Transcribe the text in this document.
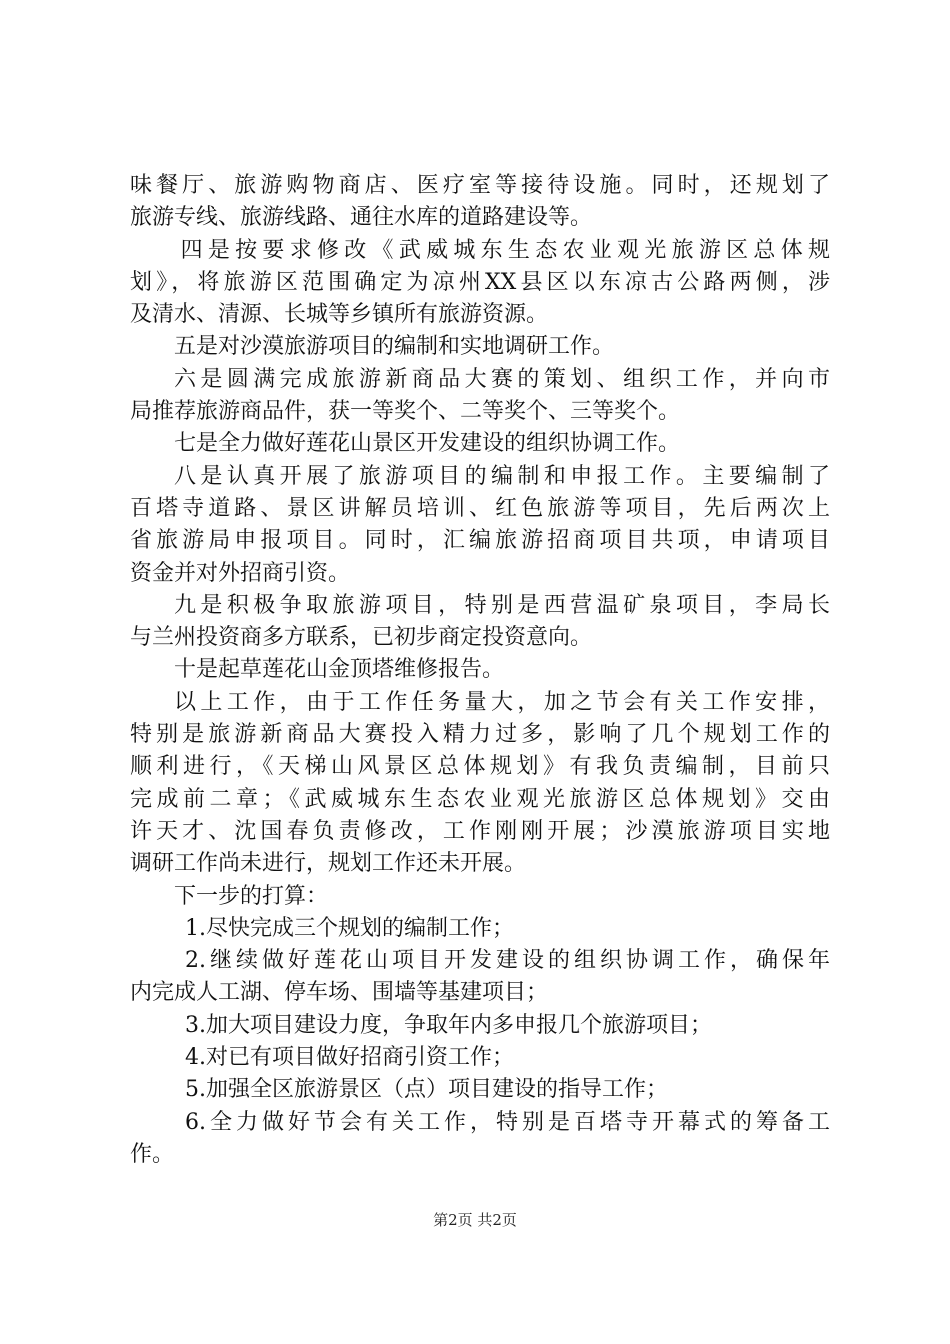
味餐厅、旅游购物商店、医疗室等接待设施。同时，还规划了
旅游专线、旅游线路、通往水库的道路建设等。
四是按要求修改《武威城东生态农业观光旅游区总体规
划》，将旅游区范围确定为凉州XX县区以东凉古公路两侧，涉
及清水、清源、长城等乡镇所有旅游资源。
五是对沙漠旅游项目的编制和实地调研工作。
六是圆满完成旅游新商品大赛的策划、组织工作，并向市
局推荐旅游商品件，获一等奖个、二等奖个、三等奖个。
七是全力做好莲花山景区开发建设的组织协调工作。
八是认真开展了旅游项目的编制和申报工作。主要编制了
百塔寺道路、景区讲解员培训、红色旅游等项目，先后两次上
省旅游局申报项目。同时，汇编旅游招商项目共项，申请项目
资金并对外招商引资。
九是积极争取旅游项目，特别是西营温矿泉项目，李局长
与兰州投资商多方联系，已初步商定投资意向。
十是起草莲花山金顶塔维修报告。
以上工作，由于工作任务量大，加之节会有关工作安排，
特别是旅游新商品大赛投入精力过多，影响了几个规划工作的
顺利进行，《天梯山风景区总体规划》有我负责编制，目前只
完成前二章；《武威城东生态农业观光旅游区总体规划》交由
许天才、沈国春负责修改，工作刚刚开展；沙漠旅游项目实地
调研工作尚未进行，规划工作还未开展。
下一步的打算：
1.尽快完成三个规划的编制工作；
2.继续做好莲花山项目开发建设的组织协调工作，确保年
内完成人工湖、停车场、围墙等基建项目；
3.加大项目建设力度，争取年内多申报几个旅游项目；
4.对已有项目做好招商引资工作；
5.加强全区旅游景区（点）项目建设的指导工作；
6.全力做好节会有关工作，特别是百塔寺开幕式的筹备工
作。
第2页 共2页
